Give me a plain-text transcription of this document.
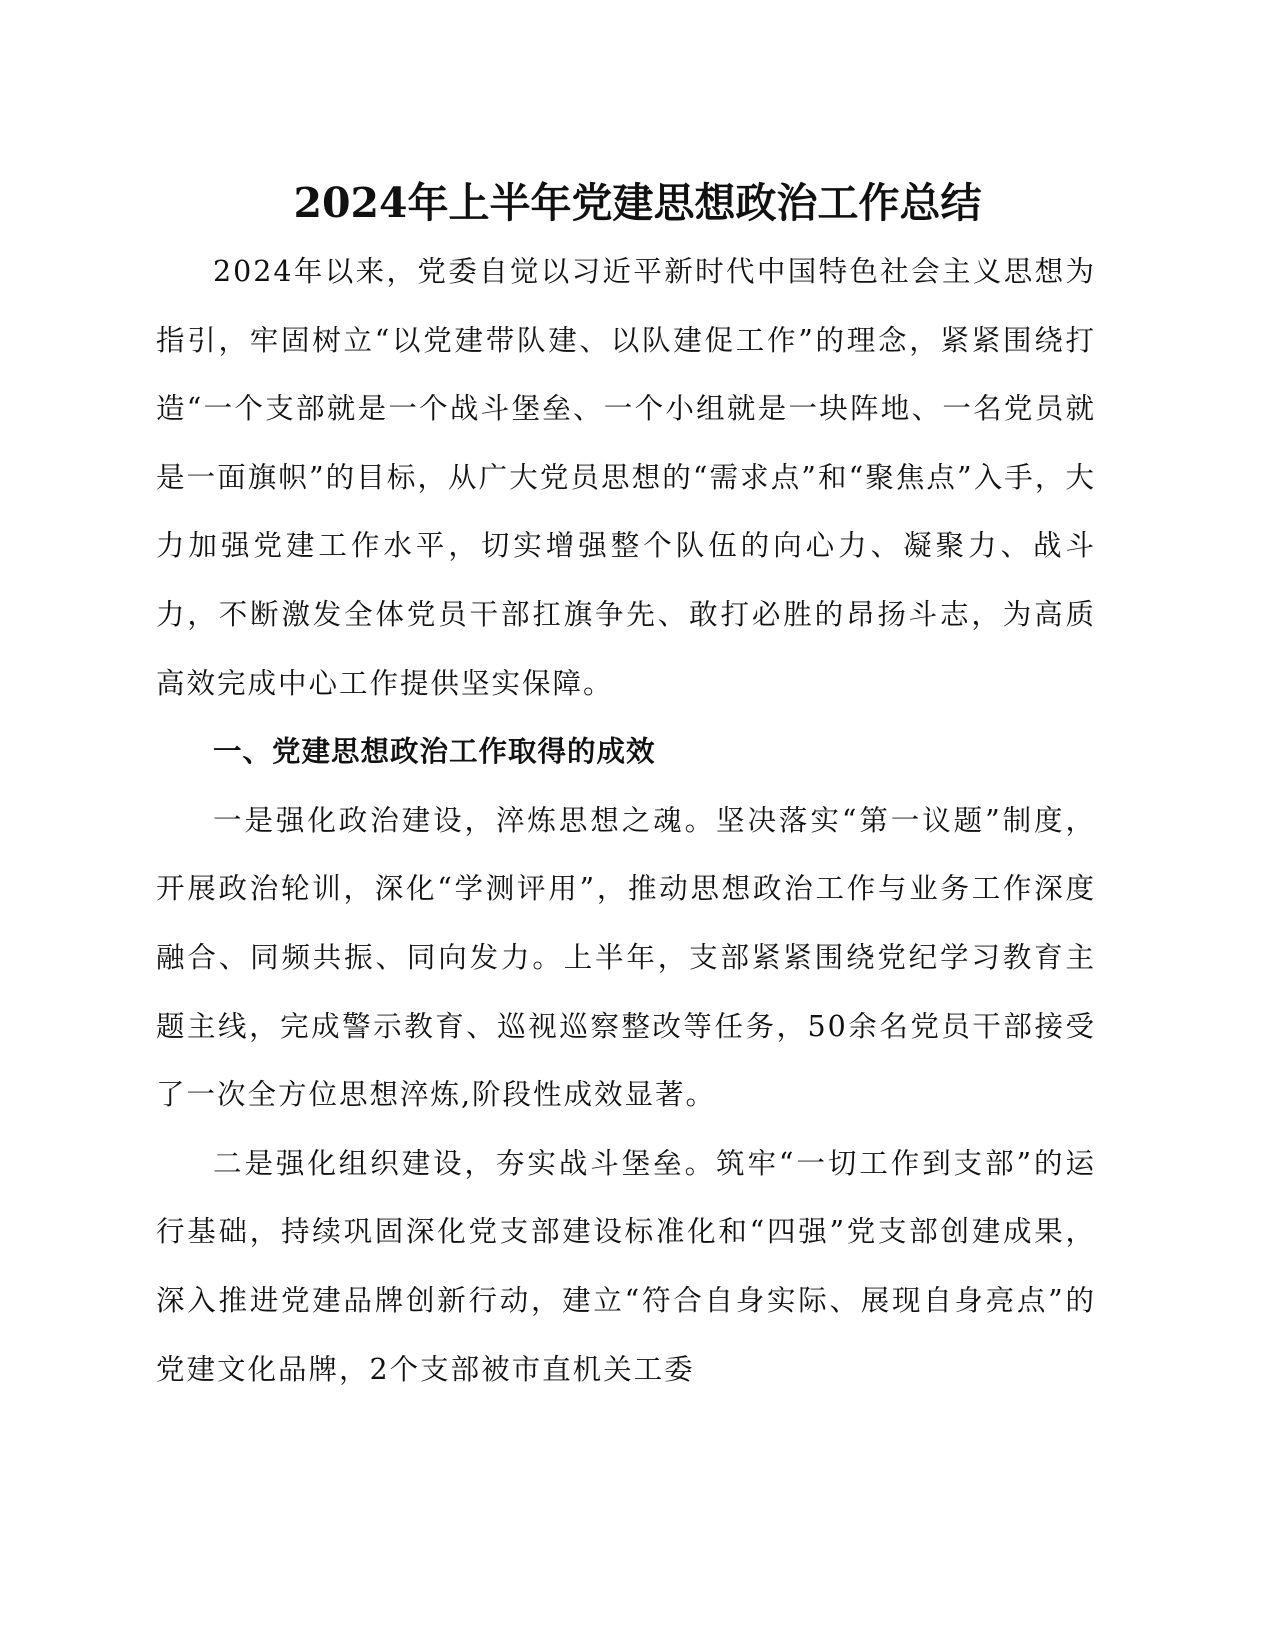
2024年上半年党建思想政治工作总结

2024年以来，党委自觉以习近平新时代中国特色社会主义思想为指引，牢固树立“以党建带队建、以队建促工作”的理念，紧紧围绕打造“一个支部就是一个战斗堡垒、一个小组就是一块阵地、一名党员就是一面旗帜”的目标，从广大党员思想的“需求点”和“聚焦点”入手，大力加强党建工作水平，切实增强整个队伍的向心力、凝聚力、战斗力，不断激发全体党员干部扛旗争先、敢打必胜的昂扬斗志，为高质高效完成中心工作提供坚实保障。

一、党建思想政治工作取得的成效

一是强化政治建设，淬炼思想之魂。坚决落实“第一议题”制度，开展政治轮训，深化“学测评用”，推动思想政治工作与业务工作深度融合、同频共振、同向发力。上半年，支部紧紧围绕党纪学习教育主题主线，完成警示教育、巡视巡察整改等任务，50余名党员干部接受了一次全方位思想淬炼,阶段性成效显著。

二是强化组织建设，夯实战斗堡垒。筑牢“一切工作到支部”的运行基础，持续巩固深化党支部建设标准化和“四强”党支部创建成果，深入推进党建品牌创新行动，建立“符合自身实际、展现自身亮点”的党建文化品牌，2个支部被市直机关工委
